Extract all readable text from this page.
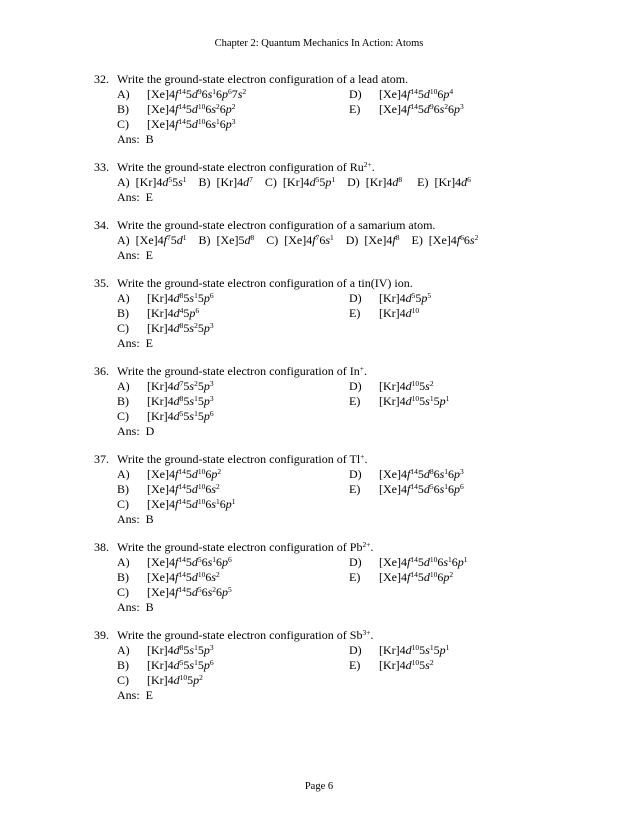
Chapter 2: Quantum Mechanics In Action: Atoms
32. Write the ground-state electron configuration of a lead atom.
A)	$[Xe]4f^{14}5d^96s^16p^67s^2$	D)	$[Xe]4f^{14}5d^{10}6p^4$
B)	$[Xe]4f^{14}5d^{10}6s^26p^2$	E)	$[Xe]4f^{14}5d^96s^26p^3$
C)	$[Xe]4f^{14}5d^{10}6s^16p^3$
Ans:  B
33. Write the ground-state electron configuration of $Ru^{2+}$.
A)  $[Kr]4d^55s^1$    B)  $[Kr]4d^7$    C)  $[Kr]4d^55p^1$    D)  $[Kr]4d^8$     E)  $[Kr]4d^6$
Ans:  E
34. Write the ground-state electron configuration of a samarium atom.
A)  $[Xe]4f^75d^1$    B)  $[Xe]5d^8$    C)  $[Xe]4f^76s^1$    D)  $[Xe]4f^8$    E)  $[Xe]4f^66s^2$
Ans:  E
35. Write the ground-state electron configuration of a tin(IV) ion.
A)	$[Kr]4d^85s^15p^6$	D)	$[Kr]4d^55p^5$
B)	$[Kr]4d^45p^6$	E)	$[Kr]4d^{10}$
C)	$[Kr]4d^85s^25p^3$
Ans:  E
36. Write the ground-state electron configuration of In+.
A)	$[Kr]4d^75s^25p^3$	D)	$[Kr]4d^{10}5s^2$
B)	$[Kr]4d^85s^15p^3$	E)	$[Kr]4d^{10}5s^15p^1$
C)	$[Kr]4d^55s^15p^6$
Ans:  D
37. Write the ground-state electron configuration of Tl+.
A)	$[Xe]4f^{14}5d^{10}6p^2$	D)	$[Xe]4f^{14}5d^86s^16p^3$
B)	$[Xe]4f^{14}5d^{10}6s^2$	E)	$[Xe]4f^{14}5d^56s^16p^6$
C)	$[Xe]4f^{14}5d^{10}6s^16p^1$
Ans:  B
38. Write the ground-state electron configuration of $Pb^{2+}$.
A)	$[Xe]4f^{14}5d^56s^16p^6$	D)	$[Xe]4f^{14}5d^{10}6s^16p^1$
B)	$[Xe]4f^{14}5d^{10}6s^2$	E)	$[Xe]4f^{14}5d^{10}6p^2$
C)	$[Xe]4f^{14}5d^56s^26p^5$
Ans:  B
39. Write the ground-state electron configuration of $Sb^{3+}$.
A)	$[Kr]4d^85s^15p^3$	D)	$[Kr]4d^{10}5s^15p^1$
B)	$[Kr]4d^55s^15p^6$	E)	$[Kr]4d^{10}5s^2$
C)	$[Kr]4d^{10}5p^2$
Ans:  E
Page 6
